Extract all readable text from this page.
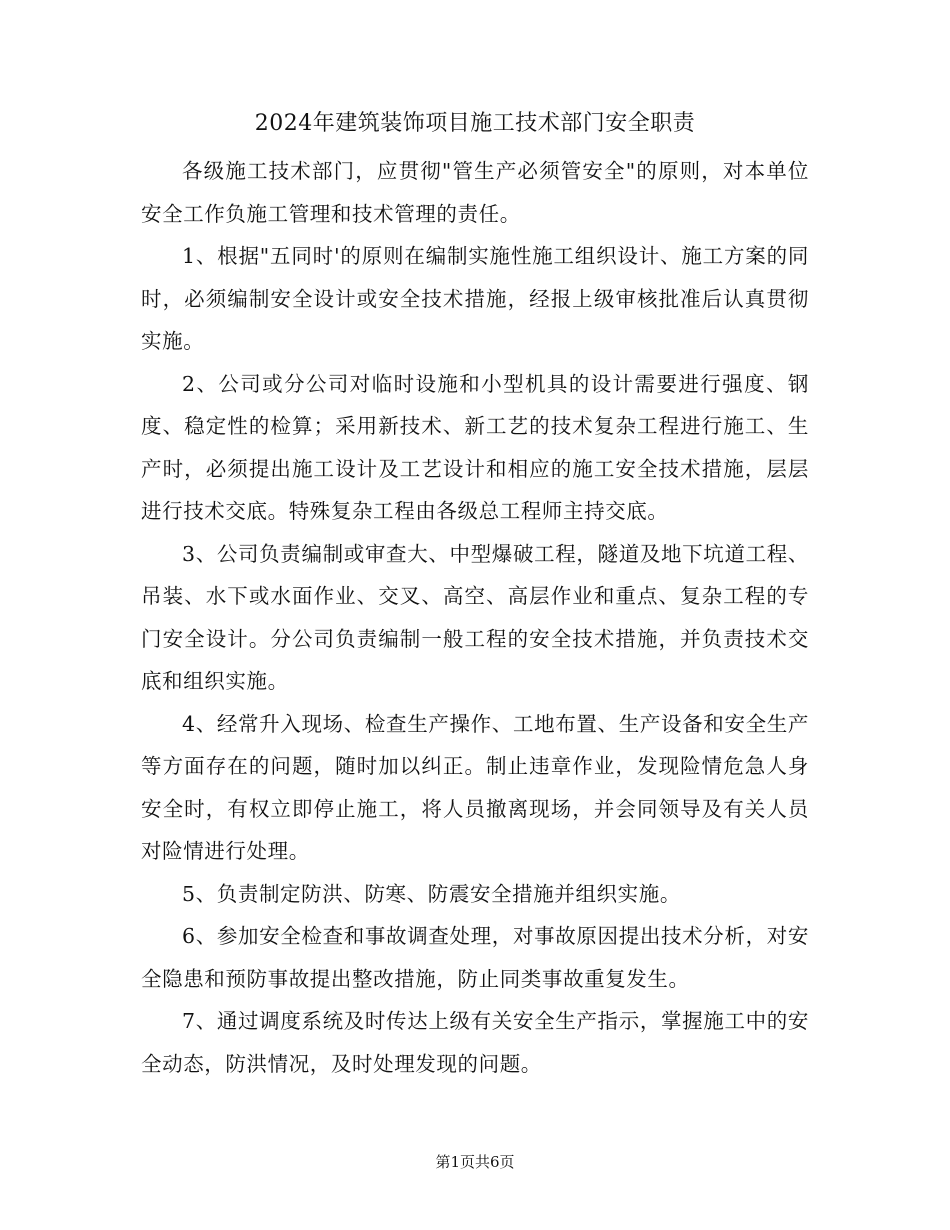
2024年建筑装饰项目施工技术部门安全职责

各级施工技术部门，应贯彻"管生产必须管安全"的原则，对本单位安全工作负施工管理和技术管理的责任。

1、根据"五同时'的原则在编制实施性施工组织设计、施工方案的同时，必须编制安全设计或安全技术措施，经报上级审核批准后认真贯彻实施。

2、公司或分公司对临时设施和小型机具的设计需要进行强度、钢度、稳定性的检算；采用新技术、新工艺的技术复杂工程进行施工、生产时，必须提出施工设计及工艺设计和相应的施工安全技术措施，层层进行技术交底。特殊复杂工程由各级总工程师主持交底。

3、公司负责编制或审查大、中型爆破工程，隧道及地下坑道工程、吊装、水下或水面作业、交叉、高空、高层作业和重点、复杂工程的专门安全设计。分公司负责编制一般工程的安全技术措施，并负责技术交底和组织实施。

4、经常升入现场、检查生产操作、工地布置、生产设备和安全生产等方面存在的问题，随时加以纠正。制止违章作业，发现险情危急人身安全时，有权立即停止施工，将人员撤离现场，并会同领导及有关人员对险情进行处理。

5、负责制定防洪、防寒、防震安全措施并组织实施。

6、参加安全检查和事故调查处理，对事故原因提出技术分析，对安全隐患和预防事故提出整改措施，防止同类事故重复发生。

7、通过调度系统及时传达上级有关安全生产指示，掌握施工中的安全动态，防洪情况，及时处理发现的问题。

第1页共6页
